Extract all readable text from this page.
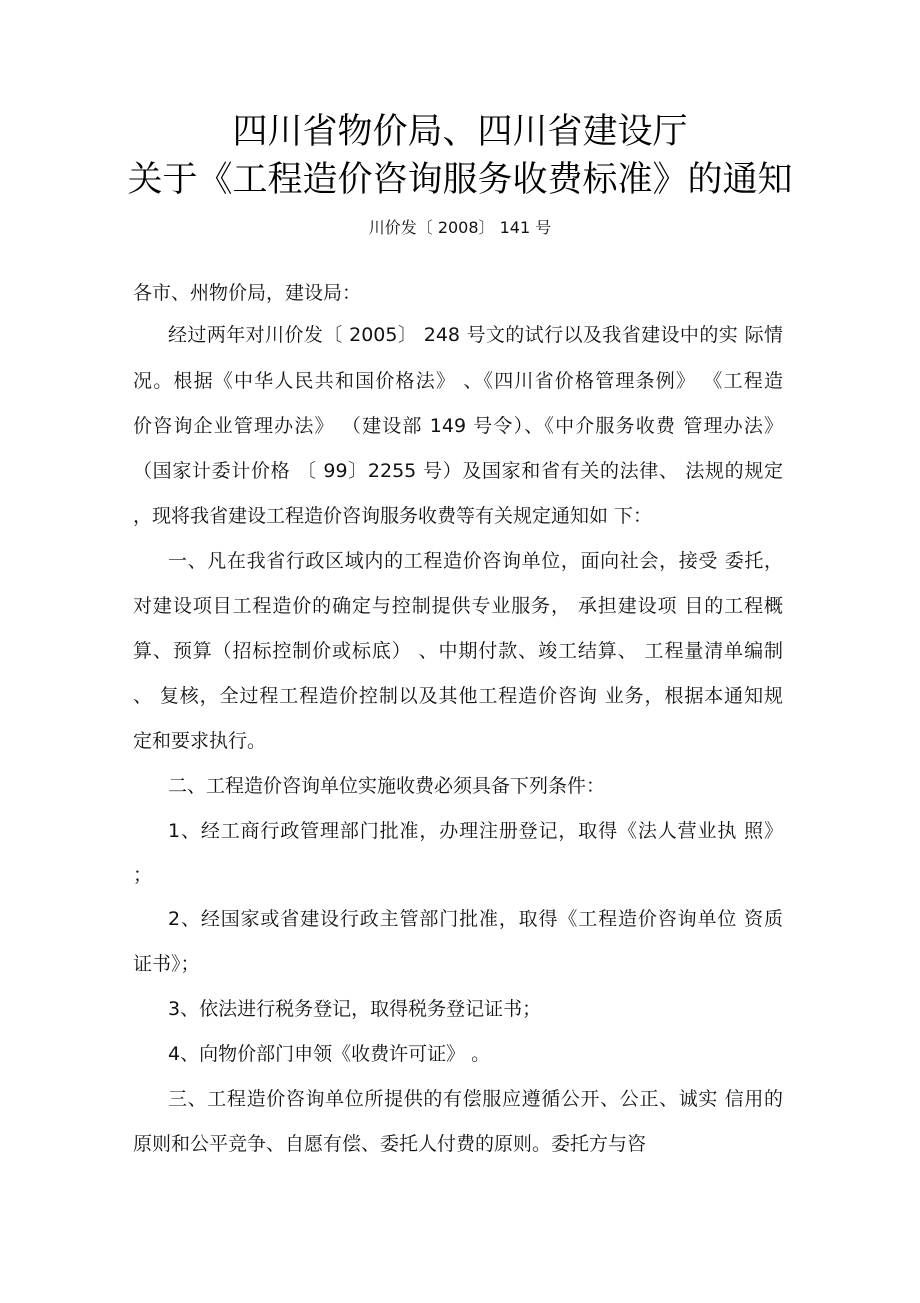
四川省物价局、四川省建设厅
关于《工程造价咨询服务收费标准》的通知
川价发〔 2008〕 141 号
各市、州物价局，建设局：
经过两年对川价发〔 2005〕 248 号文的试行以及我省建设中的实 际情
况。根据《中华人民共和国价格法》 、《四川省价格管理条例》 《工程造
价咨询企业管理办法》 （建设部 149 号令）、《中介服务收费 管理办法》
（国家计委计价格 〔 99〕2255 号）及国家和省有关的法律、 法规的规定
，现将我省建设工程造价咨询服务收费等有关规定通知如 下：
一、凡在我省行政区域内的工程造价咨询单位，面向社会，接受 委托，
对建设项目工程造价的确定与控制提供专业服务， 承担建设项 目的工程概
算、预算（招标控制价或标底） 、中期付款、竣工结算、 工程量清单编制
、 复核，全过程工程造价控制以及其他工程造价咨询 业务，根据本通知规
定和要求执行。
二、工程造价咨询单位实施收费必须具备下列条件：
1、经工商行政管理部门批准，办理注册登记，取得《法人营业执 照》
；
2、经国家或省建设行政主管部门批准，取得《工程造价咨询单位 资质
证书》；
3、依法进行税务登记，取得税务登记证书；
4、向物价部门申领《收费许可证》 。
三、工程造价咨询单位所提供的有偿服应遵循公开、公正、诚实 信用的
原则和公平竞争、自愿有偿、委托人付费的原则。委托方与咨
